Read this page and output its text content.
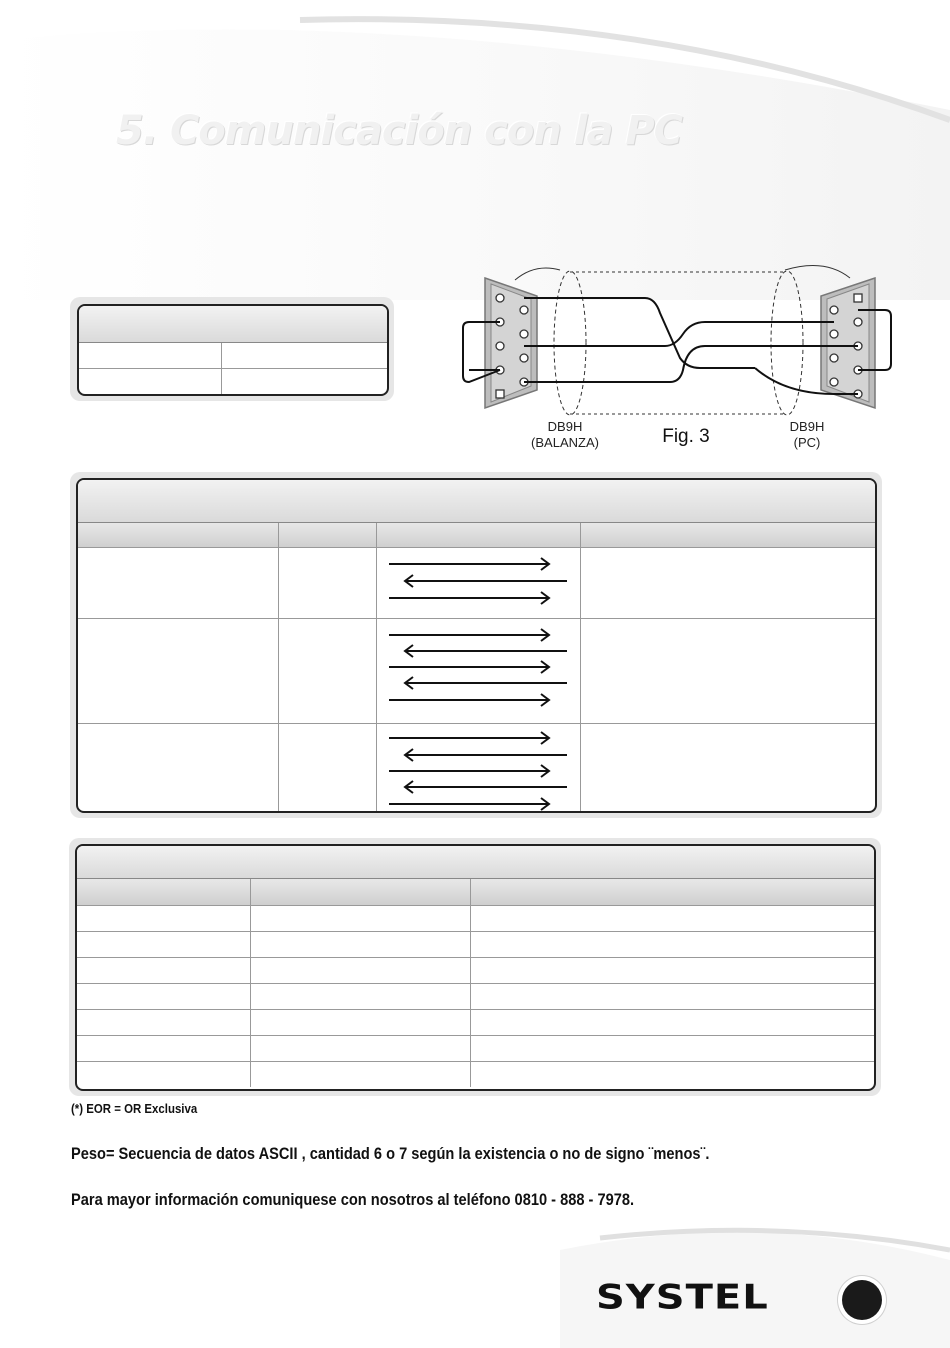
5. Comunicación con la PC

DB9H
(BALANZA)	Fig. 3	DB9H
(PC)

(*) EOR = OR Exclusiva
Peso= Secuencia de datos ASCII , cantidad 6 o 7 según la existencia o no de signo ¨menos¨.
Para mayor información comuniquese con nosotros al teléfono 0810 - 888 - 7978.
SYSTEL
